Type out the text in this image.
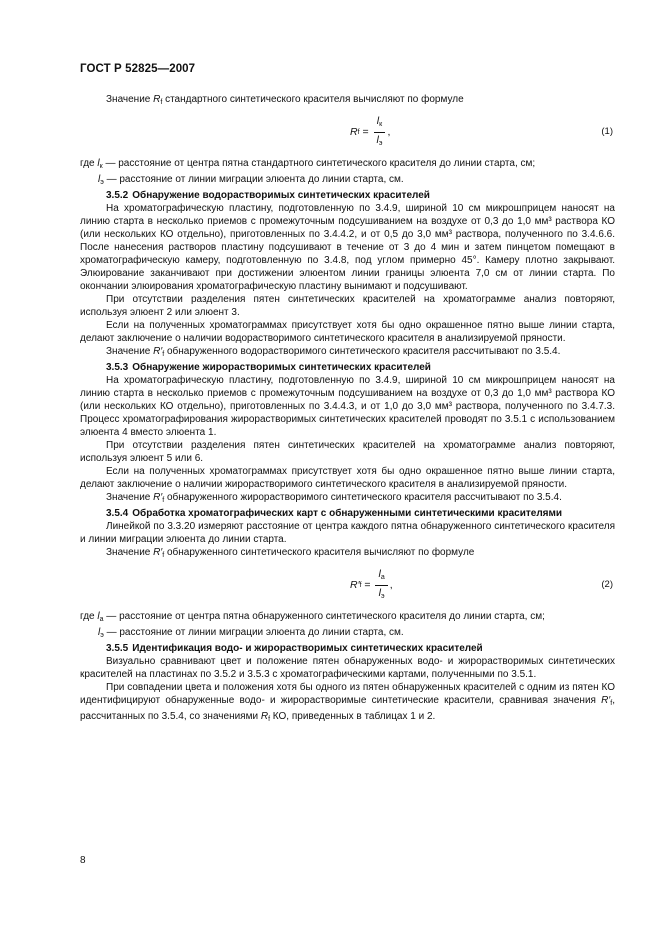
ГОСТ Р 52825—2007

Значение $R_f$ стандартного синтетического красителя вычисляют по формуле

R $f = \frac{l_к}{l_э}$ ,	(1)

где $l_к$ — расстояние от центра пятна стандартного синтетического красителя до линии старта, см;

$l_э$ — расстояние от линии миграции элюента до линии старта, см.

3.5.2 Обнаружение водорастворимых синтетических красителей

На хроматографическую пластину, подготовленную по 3.4.9, шириной 10 см микрошприцем наносят на линию старта в несколько приемов с промежуточным подсушиванием на воздухе от 0,3 до 1,0 мм³ раствора КО (или нескольких КО отдельно), приготовленных по 3.4.4.2, и от 0,5 до 3,0 мм³ раствора, полученного по 3.4.6.6. После нанесения растворов пластину подсушивают в течение от 3 до 4 мин и затем пинцетом помещают в хроматографическую камеру, подготовленную по 3.4.8, под углом примерно 45°. Камеру плотно закрывают. Элюирование заканчивают при достижении элюентом линии границы элюента 7,0 см от линии старта. По окончании элюирования хроматографическую пластину вынимают и подсушивают.

При отсутствии разделения пятен синтетических красителей на хроматограмме анализ повторяют, используя элюент 2 или элюент 3.

Если на полученных хроматограммах присутствует хотя бы одно окрашенное пятно выше линии старта, делают заключение о наличии водорастворимого синтетического красителя в анализируемой пряности.

Значение $R'_f$ обнаруженного водорастворимого синтетического красителя рассчитывают по 3.5.4.

3.5.3 Обнаружение жирорастворимых синтетических красителей

На хроматографическую пластину, подготовленную по 3.4.9, шириной 10 см микрошприцем наносят на линию старта в несколько приемов с промежуточным подсушиванием на воздухе от 0,3 до 1,0 мм³ раствора КО (или нескольких КО отдельно), приготовленных по 3.4.4.3, и от 1,0 до 3,0 мм³ раствора, полученного по 3.4.7.3. Процесс хроматографирования жирорастворимых синтетических красителей проводят по 3.5.1 с использованием элюента 4 вместо элюента 1.

При отсутствии разделения пятен синтетических красителей на хроматограмме анализ повторяют, используя элюент 5 или 6.

Если на полученных хроматограммах присутствует хотя бы одно окрашенное пятно выше линии старта, делают заключение о наличии жирорастворимого синтетического красителя в анализируемой пряности.

Значение $R'_f$ обнаруженного жирорастворимого синтетического красителя рассчитывают по 3.5.4.

3.5.4 Обработка хроматографических карт с обнаруженными синтетическими красителями

Линейкой по 3.3.20 измеряют расстояние от центра каждого пятна обнаруженного синтетического красителя и линии миграции элюента до линии старта.

Значение $R'_f$ обнаруженного синтетического красителя вычисляют по формуле

R′ $f = \frac{l_a}{l_э}$ ,	(2)

где $l_a$ — расстояние от центра пятна обнаруженного синтетического красителя до линии старта, см;

$l_э$ — расстояние от линии миграции элюента до линии старта, см.

3.5.5 Идентификация водо- и жирорастворимых синтетических красителей

Визуально сравнивают цвет и положение пятен обнаруженных водо- и жирорастворимых синтетических красителей на пластинах по 3.5.2 и 3.5.3 с хроматографическими картами, полученными по 3.5.1.

При совпадении цвета и положения хотя бы одного из пятен обнаруженных красителей с одним из пятен КО идентифицируют обнаруженные водо- и жирорастворимые синтетические красители, сравнивая значения $R'_f$, рассчитанных по 3.5.4, со значениями $R_f$ КО, приведенных в таблицах 1 и 2.

8
